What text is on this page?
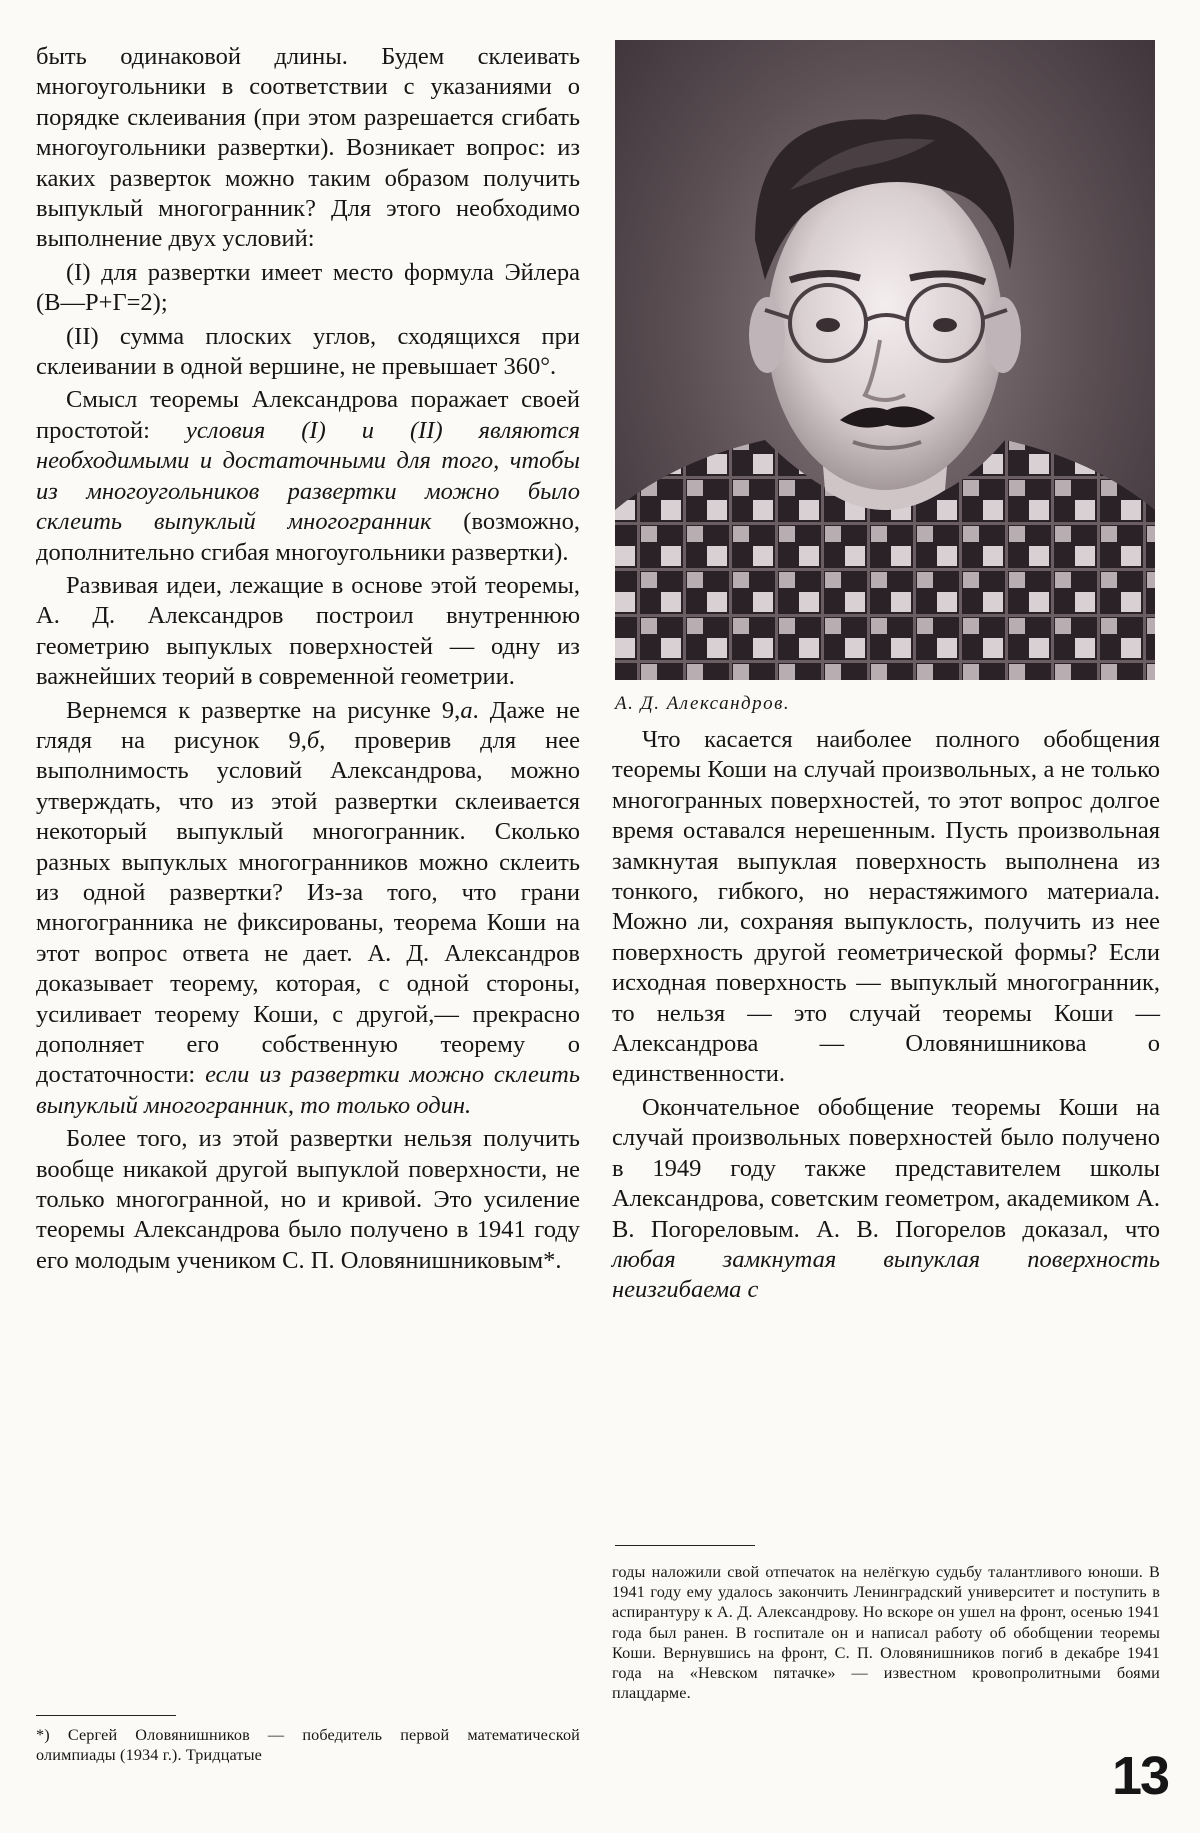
быть одинаковой длины. Будем склеивать многоугольники в соответствии с указаниями о порядке склеивания (при этом разрешается сгибать многоугольники развертки). Возникает вопрос: из каких разверток можно таким образом получить выпуклый многогранник? Для этого необходимо выполнение двух условий:

(I) для развертки имеет место формула Эйлера (В—Р+Г=2);

(II) сумма плоских углов, сходящихся при склеивании в одной вершине, не превышает 360°.

Смысл теоремы Александрова поражает своей простотой: условия (I) и (II) являются необходимыми и достаточными для того, чтобы из многоугольников развертки можно было склеить выпуклый многогранник (возможно, дополнительно сгибая многоугольники развертки).

Развивая идеи, лежащие в основе этой теоремы, А. Д. Александров построил внутреннюю геометрию выпуклых поверхностей — одну из важнейших теорий в современной геометрии.

Вернемся к развертке на рисунке 9,а. Даже не глядя на рисунок 9,б, проверив для нее выполнимость условий Александрова, можно утверждать, что из этой развертки склеивается некоторый выпуклый многогранник. Сколько разных выпуклых многогранников можно склеить из одной развертки? Из-за того, что грани многогранника не фиксированы, теорема Коши на этот вопрос ответа не дает. А. Д. Александров доказывает теорему, которая, с одной стороны, усиливает теорему Коши, с другой,— прекрасно дополняет его собственную теорему о достаточности: если из развертки можно склеить выпуклый многогранник, то только один.

Более того, из этой развертки нельзя получить вообще никакой другой выпуклой поверхности, не только многогранной, но и кривой. Это усиление теоремы Александрова было получено в 1941 году его молодым учеником С. П. Оловянишниковым*.

А. Д. Александров.

Что касается наиболее полного обобщения теоремы Коши на случай произвольных, а не только многогранных поверхностей, то этот вопрос долгое время оставался нерешенным. Пусть произвольная замкнутая выпуклая поверхность выполнена из тонкого, гибкого, но нерастяжимого материала. Можно ли, сохраняя выпуклость, получить из нее поверхность другой геометрической формы? Если исходная поверхность — выпуклый многогранник, то нельзя — это случай теоремы Коши — Александрова — Оловянишникова о единственности.

Окончательное обобщение теоремы Коши на случай произвольных поверхностей было получено в 1949 году также представителем школы Александрова, советским геометром, академиком А. В. Погореловым. А. В. Погорелов доказал, что любая замкнутая выпуклая поверхность неизгибаема с

*) Сергей Оловянишников — победитель первой математической олимпиады (1934 г.). Тридцатые
годы наложили свой отпечаток на нелёгкую судьбу талантливого юноши. В 1941 году ему удалось закончить Ленинградский университет и поступить в аспирантуру к А. Д. Александрову. Но вскоре он ушел на фронт, осенью 1941 года был ранен. В госпитале он и написал работу об обобщении теоремы Коши. Вернувшись на фронт, С. П. Оловянишников погиб в декабре 1941 года на «Невском пятачке» — известном кровопролитными боями плацдарме.
13
